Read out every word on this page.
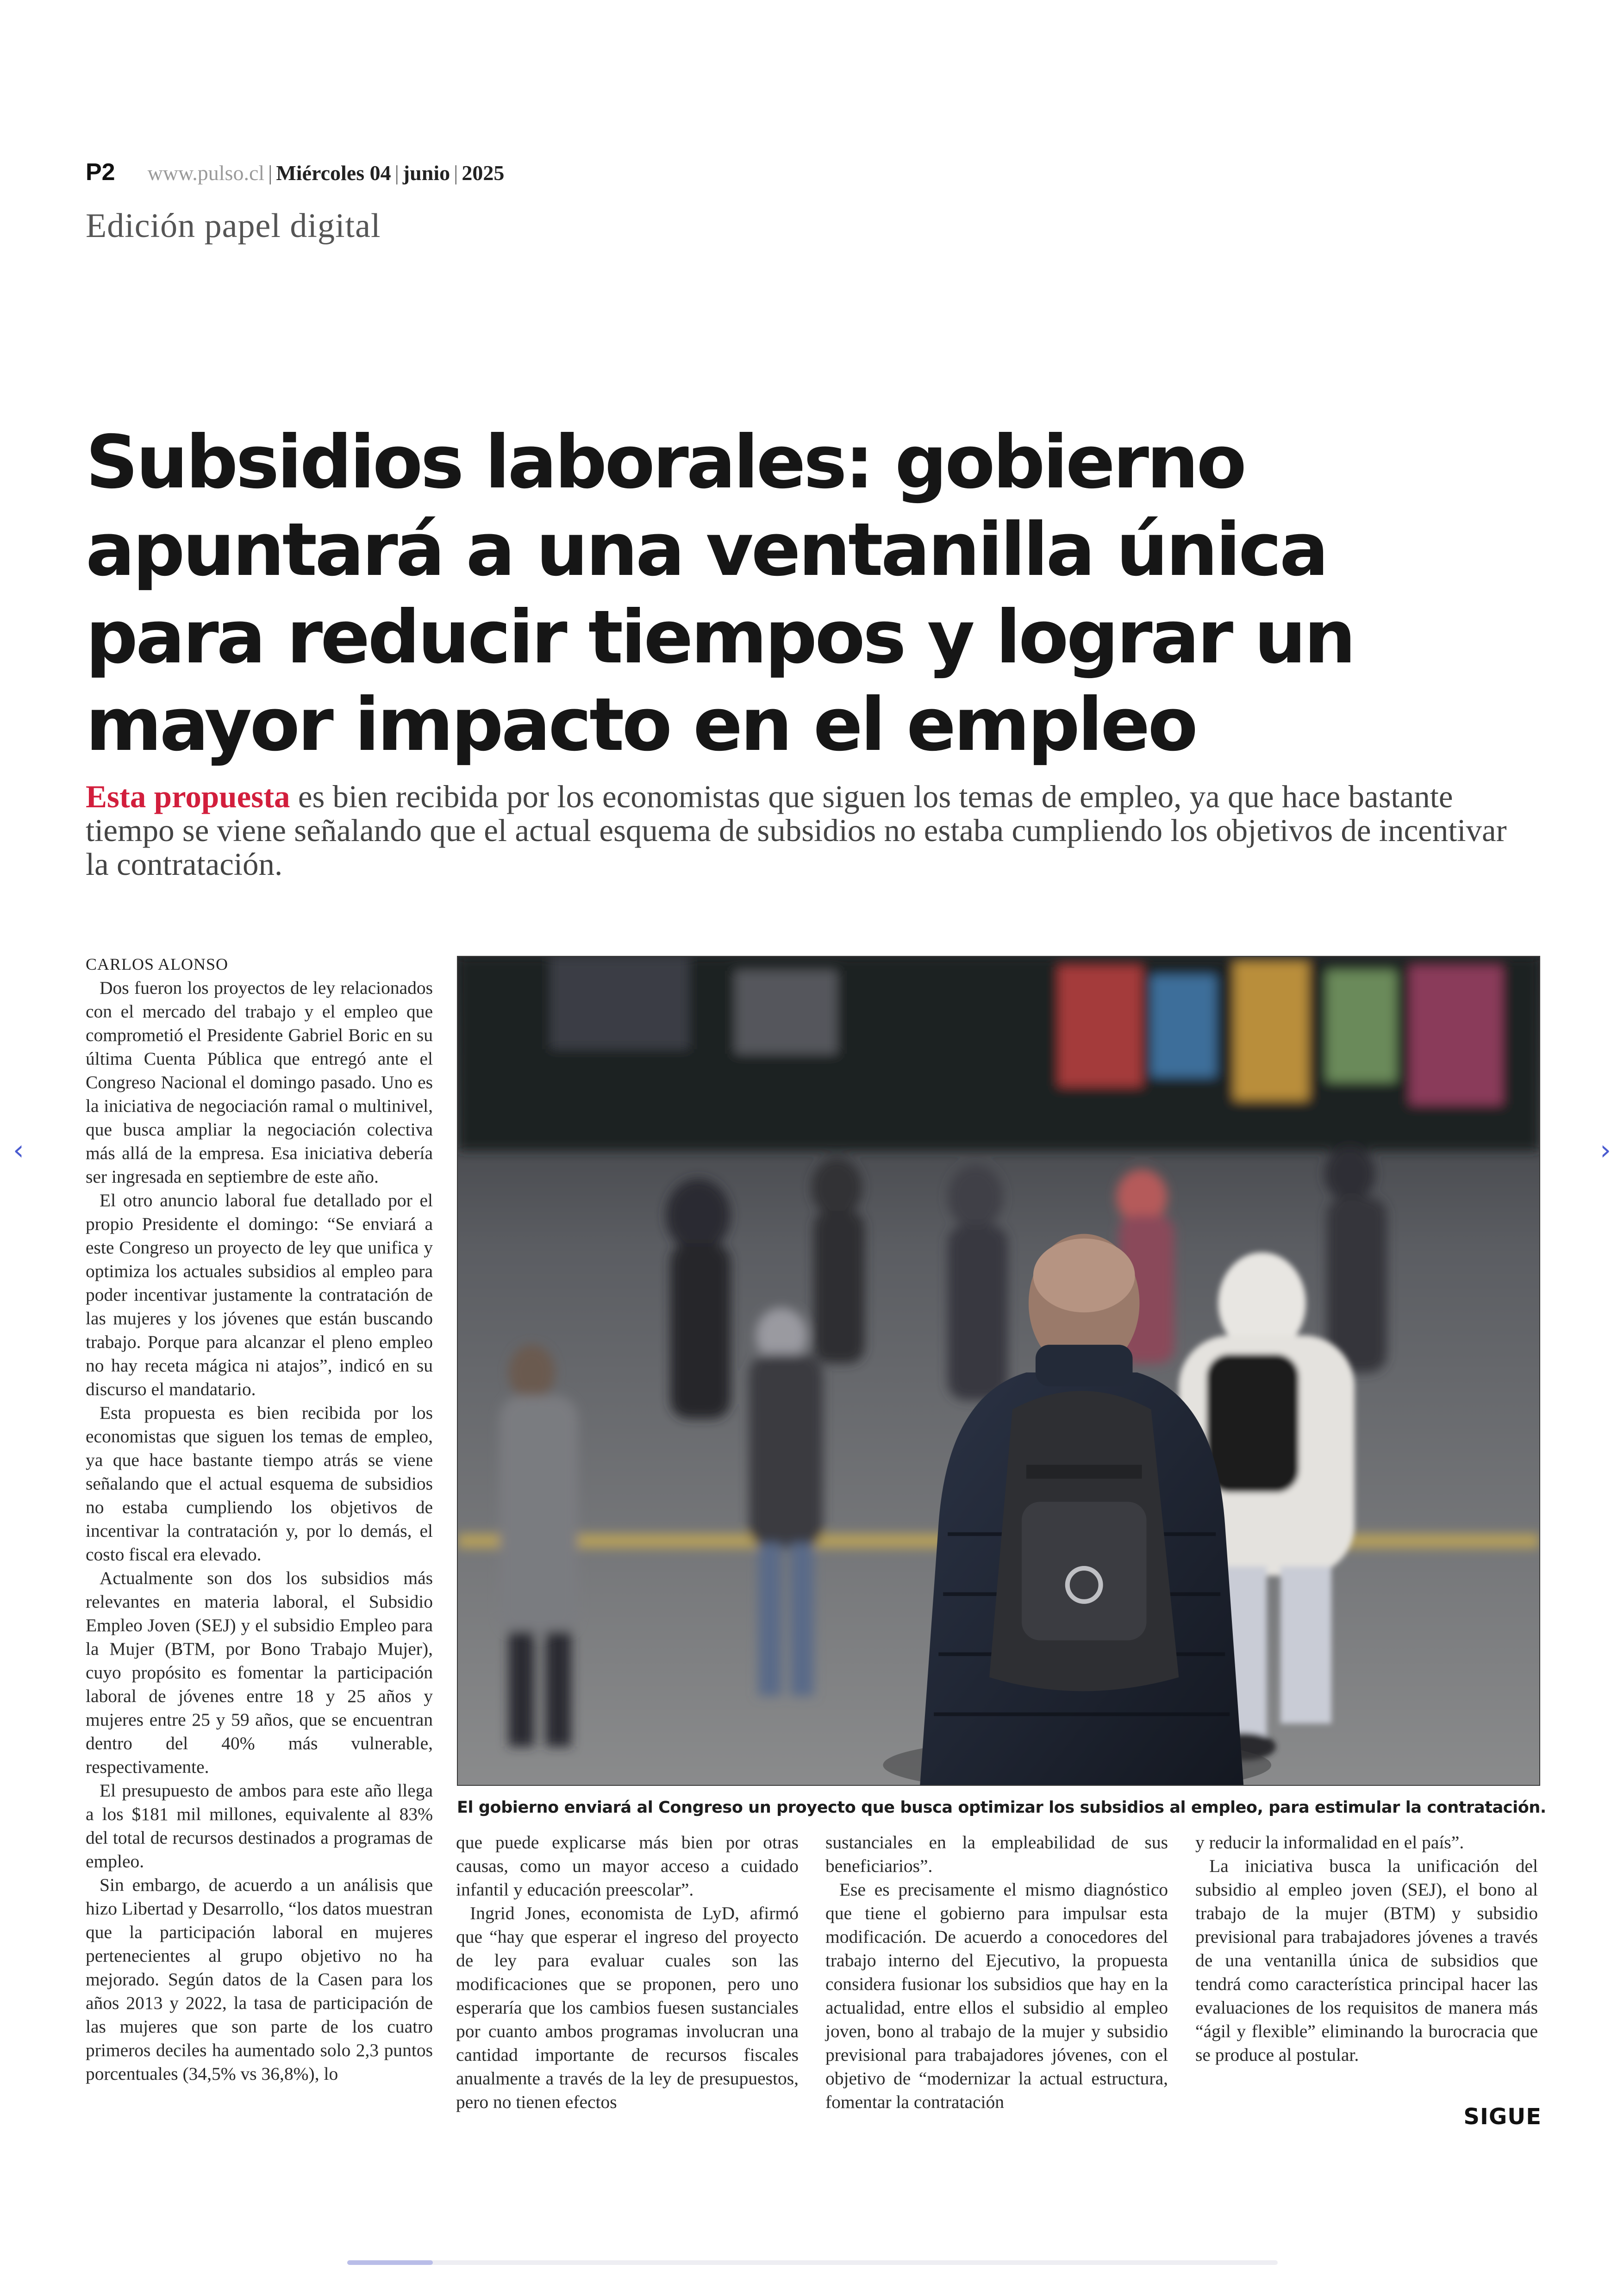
P2 www.pulso.cl | Miércoles 04 | junio | 2025
Edición papel digital
Subsidios laborales: gobierno apuntará a una ventanilla única para reducir tiempos y lograr un mayor impacto en el empleo
Esta propuesta es bien recibida por los economistas que siguen los temas de empleo, ya que hace bastante tiempo se viene señalando que el actual esquema de subsidios no estaba cumpliendo los objetivos de incentivar la contratación.

CARLOS ALONSO

Dos fueron los proyectos de ley relacionados con el mercado del trabajo y el empleo que comprometió el Presidente Gabriel Boric en su última Cuenta Pública que entregó ante el Congreso Nacional el domingo pasado. Uno es la iniciativa de negociación ramal o multinivel, que busca ampliar la negociación colectiva más allá de la empresa. Esa iniciativa debería ser ingresada en septiembre de este año.

El otro anuncio laboral fue detallado por el propio Presidente el domingo: “Se enviará a este Congreso un proyecto de ley que unifica y optimiza los actuales subsidios al empleo para poder incentivar justamente la contratación de las mujeres y los jóvenes que están buscando trabajo. Porque para alcanzar el pleno empleo no hay receta mágica ni atajos”, indicó en su discurso el mandatario.

Esta propuesta es bien recibida por los economistas que siguen los temas de empleo, ya que hace bastante tiempo atrás se viene señalando que el actual esquema de subsidios no estaba cumpliendo los objetivos de incentivar la contratación y, por lo demás, el costo fiscal era elevado.

Actualmente son dos los subsidios más relevantes en materia laboral, el Subsidio Empleo Joven (SEJ) y el subsidio Empleo para la Mujer (BTM, por Bono Trabajo Mujer), cuyo propósito es fomentar la participación laboral de jóvenes entre 18 y 25 años y mujeres entre 25 y 59 años, que se encuentran dentro del 40% más vulnerable, respectivamente.

El presupuesto de ambos para este año llega a los $181 mil millones, equivalente al 83% del total de recursos destinados a programas de empleo.

Sin embargo, de acuerdo a un análisis que hizo Libertad y Desarrollo, “los datos muestran que la participación laboral en mujeres pertenecientes al grupo objetivo no ha mejorado. Según datos de la Casen para los años 2013 y 2022, la tasa de participación de las mujeres que son parte de los cuatro primeros deciles ha aumentado solo 2,3 puntos porcentuales (34,5% vs 36,8%), lo

El gobierno enviará al Congreso un proyecto que busca optimizar los subsidios al empleo, para estimular la contratación.

que puede explicarse más bien por otras causas, como un mayor acceso a cuidado infantil y educación preescolar”.

Ingrid Jones, economista de LyD, afirmó que “hay que esperar el ingreso del proyecto de ley para evaluar cuales son las modificaciones que se proponen, pero uno esperaría que los cambios fuesen sustanciales por cuanto ambos programas involucran una cantidad importante de recursos fiscales anualmente a través de la ley de presupuestos, pero no tienen efectos

sustanciales en la empleabilidad de sus beneficiarios”.

Ese es precisamente el mismo diagnóstico que tiene el gobierno para impulsar esta modificación. De acuerdo a conocedores del trabajo interno del Ejecutivo, la propuesta considera fusionar los subsidios que hay en la actualidad, entre ellos el subsidio al empleo joven, bono al trabajo de la mujer y subsidio previsional para trabajadores jóvenes, con el objetivo de “modernizar la actual estructura, fomentar la contratación

y reducir la informalidad en el país”.

La iniciativa busca la unificación del subsidio al empleo joven (SEJ), el bono al trabajo de la mujer (BTM) y subsidio previsional para trabajadores jóvenes a través de una ventanilla única de subsidios que tendrá como característica principal hacer las evaluaciones de los requisitos de manera más “ágil y flexible” eliminando la burocracia que se produce al postular.

SIGUE
‹	›
